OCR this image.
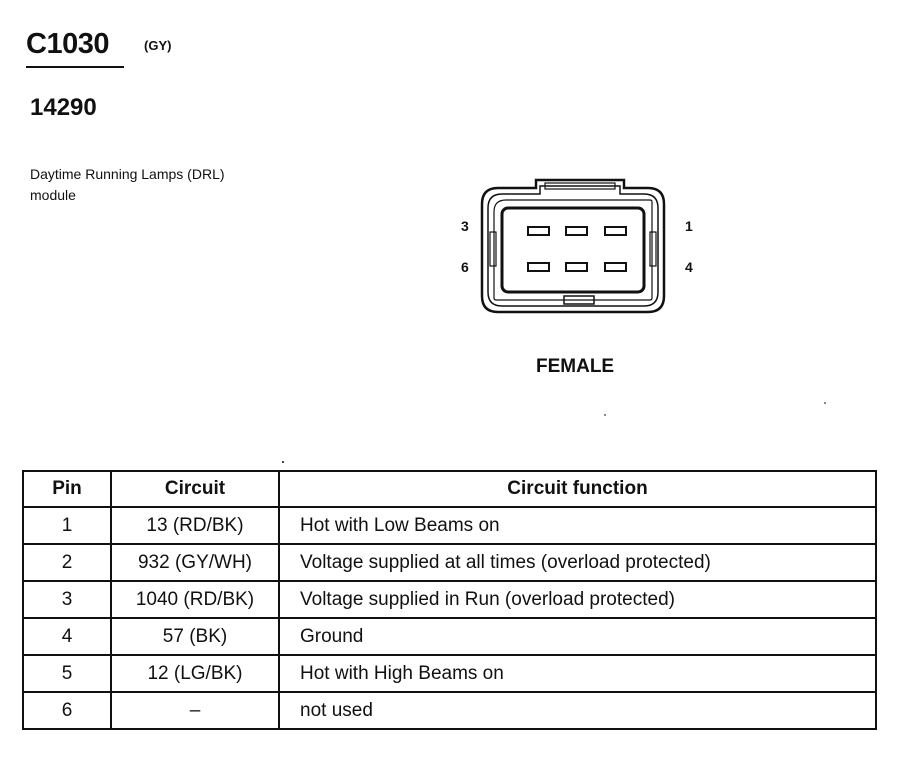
C1030	(GY)
14290
Daytime Running Lamps (DRL)
module
3	1
6	4
FEMALE
Pin	Circuit	Circuit function
1	13 (RD/BK)	Hot with Low Beams on
2	932 (GY/WH)	Voltage supplied at all times (overload protected)
3	1040 (RD/BK)	Voltage supplied in Run (overload protected)
4	57 (BK)	Ground
5	12 (LG/BK)	Hot with High Beams on
6	–	not used
